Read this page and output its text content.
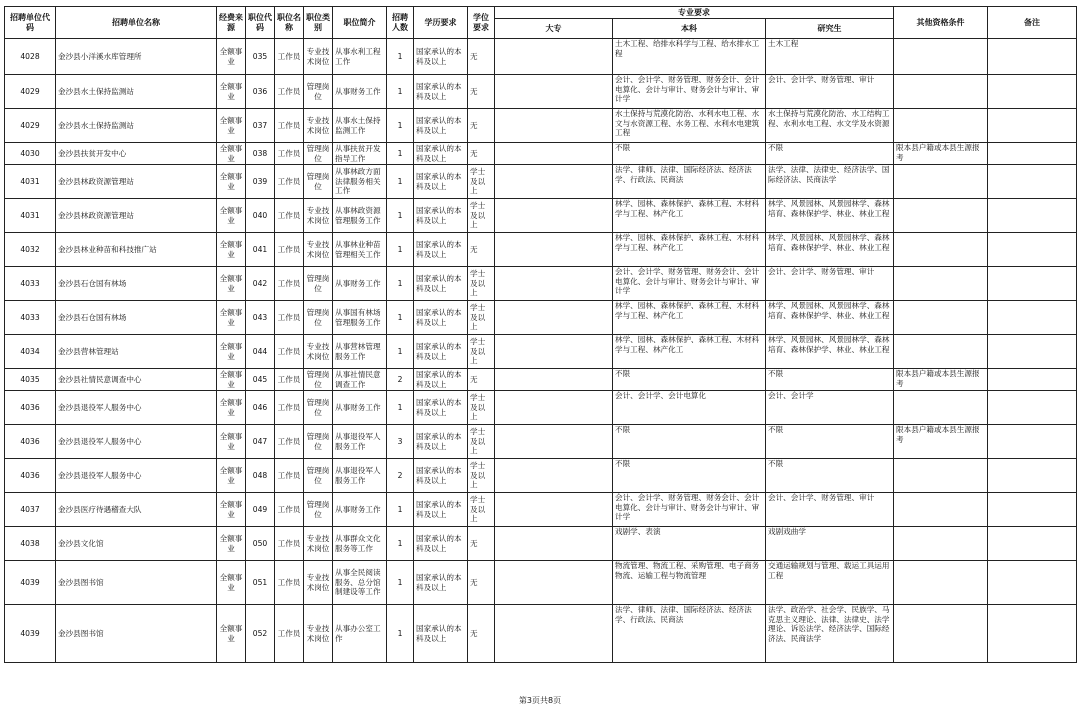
招聘单位代码	招聘单位名称	经费来源	职位代码	职位名称	职位类别	职位简介	招聘人数	学历要求	学位要求	专业要求			其他资格条件	备注
										大专	本科	研究生		
4028	金沙县小洋溪水库管理所	全额事业	035	工作员	专业技术岗位	从事水利工程工作	1	国家承认的本科及以上	无		土木工程、给排水科学与工程、给水排水工程	土木工程		
4029	金沙县水土保持监测站	全额事业	036	工作员	管理岗位	从事财务工作	1	国家承认的本科及以上	无		会计、会计学、财务管理、财务会计、会计电算化、会计与审计、财务会计与审计、审计学	会计、会计学、财务管理、审计		
4029	金沙县水土保持监测站	全额事业	037	工作员	专业技术岗位	从事水土保持监测工作	1	国家承认的本科及以上	无		水土保持与荒漠化防治、水利水电工程、水文与水资源工程、水务工程、水利水电建筑工程	水土保持与荒漠化防治、水工结构工程、水利水电工程、水文学及水资源		
4030	金沙县扶贫开发中心	全额事业	038	工作员	管理岗位	从事扶贫开发指导工作	1	国家承认的本科及以上	无		不限	不限	限本县户籍或本县生源报考	
4031	金沙县林政资源管理站	全额事业	039	工作员	管理岗位	从事林政方面法律服务相关工作	1	国家承认的本科及以上	学士及以上		法学、律师、法律、国际经济法、经济法学、行政法、民商法	法学、法律、法律史、经济法学、国际经济法、民商法学		
4031	金沙县林政资源管理站	全额事业	040	工作员	专业技术岗位	从事林政资源管理服务工作	1	国家承认的本科及以上	学士及以上		林学、园林、森林保护、森林工程、木材科学与工程、林产化工	林学、风景园林、风景园林学、森林培育、森林保护学、林业、林业工程		
4032	金沙县林业种苗和科技推广站	全额事业	041	工作员	专业技术岗位	从事林业种苗管理相关工作	1	国家承认的本科及以上	无		林学、园林、森林保护、森林工程、木材科学与工程、林产化工	林学、风景园林、风景园林学、森林培育、森林保护学、林业、林业工程		
4033	金沙县石仓国有林场	全额事业	042	工作员	管理岗位	从事财务工作	1	国家承认的本科及以上	学士及以上		会计、会计学、财务管理、财务会计、会计电算化、会计与审计、财务会计与审计、审计学	会计、会计学、财务管理、审计		
4033	金沙县石仓国有林场	全额事业	043	工作员	管理岗位	从事国有林场管理服务工作	1	国家承认的本科及以上	学士及以上		林学、园林、森林保护、森林工程、木材科学与工程、林产化工	林学、风景园林、风景园林学、森林培育、森林保护学、林业、林业工程		
4034	金沙县营林管理站	全额事业	044	工作员	专业技术岗位	从事营林管理服务工作	1	国家承认的本科及以上	学士及以上		林学、园林、森林保护、森林工程、木材科学与工程、林产化工	林学、风景园林、风景园林学、森林培育、森林保护学、林业、林业工程		
4035	金沙县社情民意调查中心	全额事业	045	工作员	管理岗位	从事社情民意调查工作	2	国家承认的本科及以上	无		不限	不限	限本县户籍或本县生源报考	
4036	金沙县退役军人服务中心	全额事业	046	工作员	管理岗位	从事财务工作	1	国家承认的本科及以上	学士及以上		会计、会计学、会计电算化	会计、会计学		
4036	金沙县退役军人服务中心	全额事业	047	工作员	管理岗位	从事退役军人服务工作	3	国家承认的本科及以上	学士及以上		不限	不限	限本县户籍或本县生源报考	
4036	金沙县退役军人服务中心	全额事业	048	工作员	管理岗位	从事退役军人服务工作	2	国家承认的本科及以上	学士及以上		不限	不限		
4037	金沙县医疗待遇稽查大队	全额事业	049	工作员	管理岗位	从事财务工作	1	国家承认的本科及以上	学士及以上		会计、会计学、财务管理、财务会计、会计电算化、会计与审计、财务会计与审计、审计学	会计、会计学、财务管理、审计		
4038	金沙县文化馆	全额事业	050	工作员	专业技术岗位	从事群众文化服务等工作	1	国家承认的本科及以上	无		戏剧学、表演	戏剧戏曲学		
4039	金沙县图书馆	全额事业	051	工作员	专业技术岗位	从事全民阅读服务、总分馆制建设等工作	1	国家承认的本科及以上	无		物流管理、物流工程、采购管理、电子商务物流、运输工程与物流管理	交通运输规划与管理、载运工具运用工程		
4039	金沙县图书馆	全额事业	052	工作员	专业技术岗位	从事办公室工作	1	国家承认的本科及以上	无		法学、律师、法律、国际经济法、经济法学、行政法、民商法	法学、政治学、社会学、民族学、马克思主义理论、法律、法律史、法学理论、诉讼法学、经济法学、国际经济法、民商法学		
第3页共8页
